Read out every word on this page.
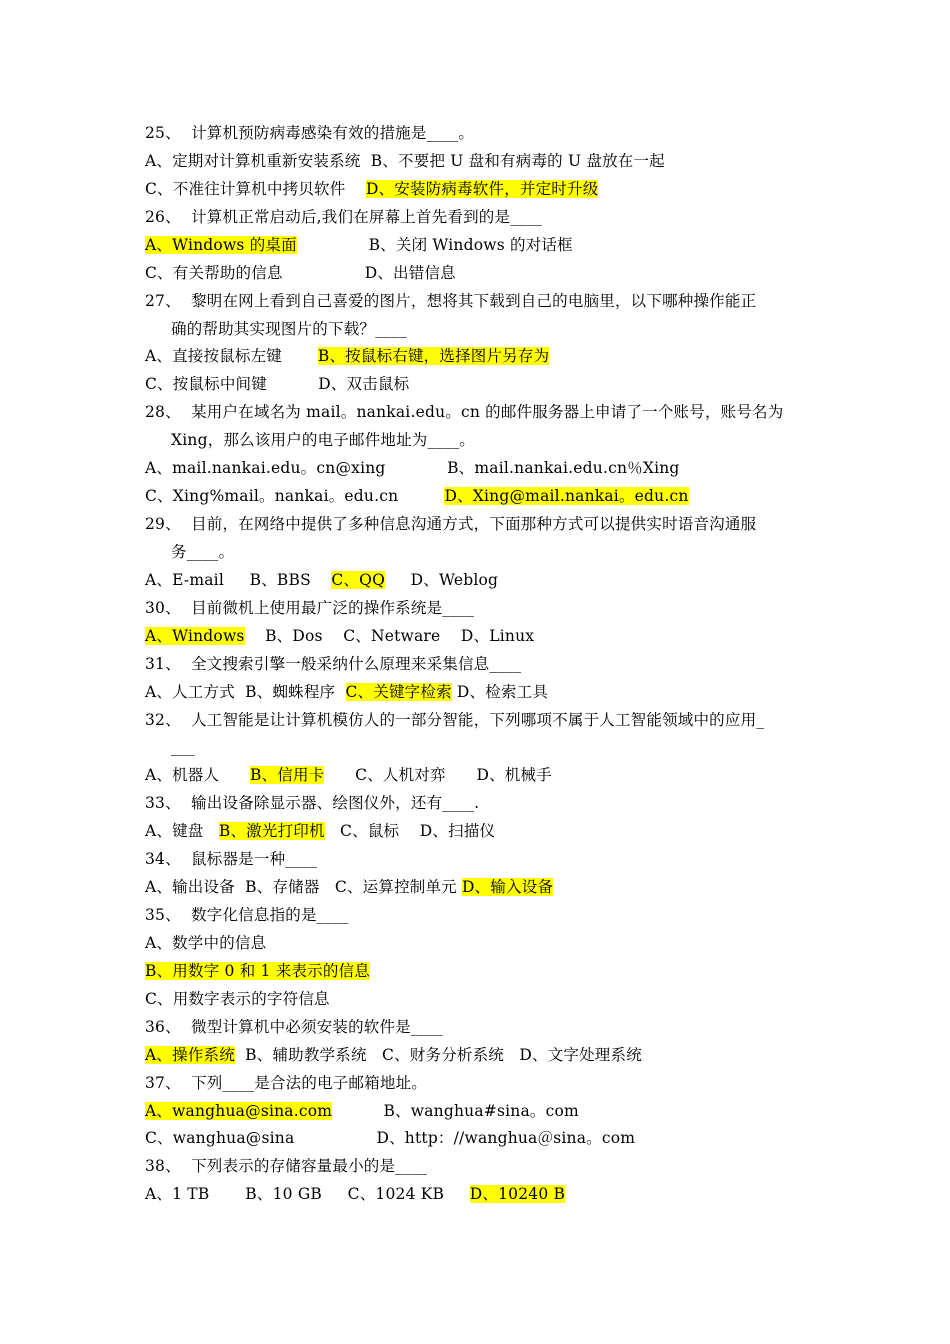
25、  计算机预防病毒感染有效的措施是____。
A、定期对计算机重新安装系统  B、不要把 U 盘和有病毒的 U 盘放在一起
C、不准往计算机中拷贝软件    D、安装防病毒软件，并定时升级
26、  计算机正常启动后,我们在屏幕上首先看到的是____
A、Windows 的桌面              B、关闭 Windows 的对话框
C、有关帮助的信息                D、出错信息
27、  黎明在网上看到自己喜爱的图片，想将其下载到自己的电脑里，以下哪种操作能正
确的帮助其实现图片的下载？____
A、直接按鼠标左键       B、按鼠标右键，选择图片另存为
C、按鼠标中间键          D、双击鼠标
28、  某用户在域名为 mail。nankai.edu。cn 的邮件服务器上申请了一个账号，账号名为
Xing，那么该用户的电子邮件地址为____。
A、mail.nankai.edu。cn@xing            B、mail.nankai.edu.cn％Xing
C、Xing%mail。nankai。edu.cn         D、Xing@mail.nankai。edu.cn
29、  目前，在网络中提供了多种信息沟通方式，下面那种方式可以提供实时语音沟通服
务____。
A、E-mail     B、BBS    C、QQ     D、Weblog
30、  目前微机上使用最广泛的操作系统是____
A、Windows    B、Dos    C、Netware    D、Linux
31、  全文搜索引擎一般采纳什么原理来采集信息____
A、人工方式  B、蜘蛛程序  C、关键字检索 D、检索工具
32、  人工智能是让计算机模仿人的一部分智能，下列哪项不属于人工智能领域中的应用_
___
A、机器人      B、信用卡      C、人机对弈      D、机械手
33、  输出设备除显示器、绘图仪外，还有____.
A、键盘   B、激光打印机   C、鼠标    D、扫描仪
34、  鼠标器是一种____
A、输出设备  B、存储器   C、运算控制单元 D、输入设备
35、  数字化信息指的是____
A、数学中的信息
B、用数字 0 和 1 来表示的信息
C、用数字表示的字符信息
36、  微型计算机中必须安装的软件是____
A、操作系统  B、辅助教学系统   C、财务分析系统   D、文字处理系统
37、  下列____是合法的电子邮箱地址。
A、wanghua@sina.com          B、wanghua#sina。com
C、wanghua@sina                D、http：//wanghua＠sina。com
38、  下列表示的存储容量最小的是____
A、1 TB       B、10 GB     C、1024 KB     D、10240 B
